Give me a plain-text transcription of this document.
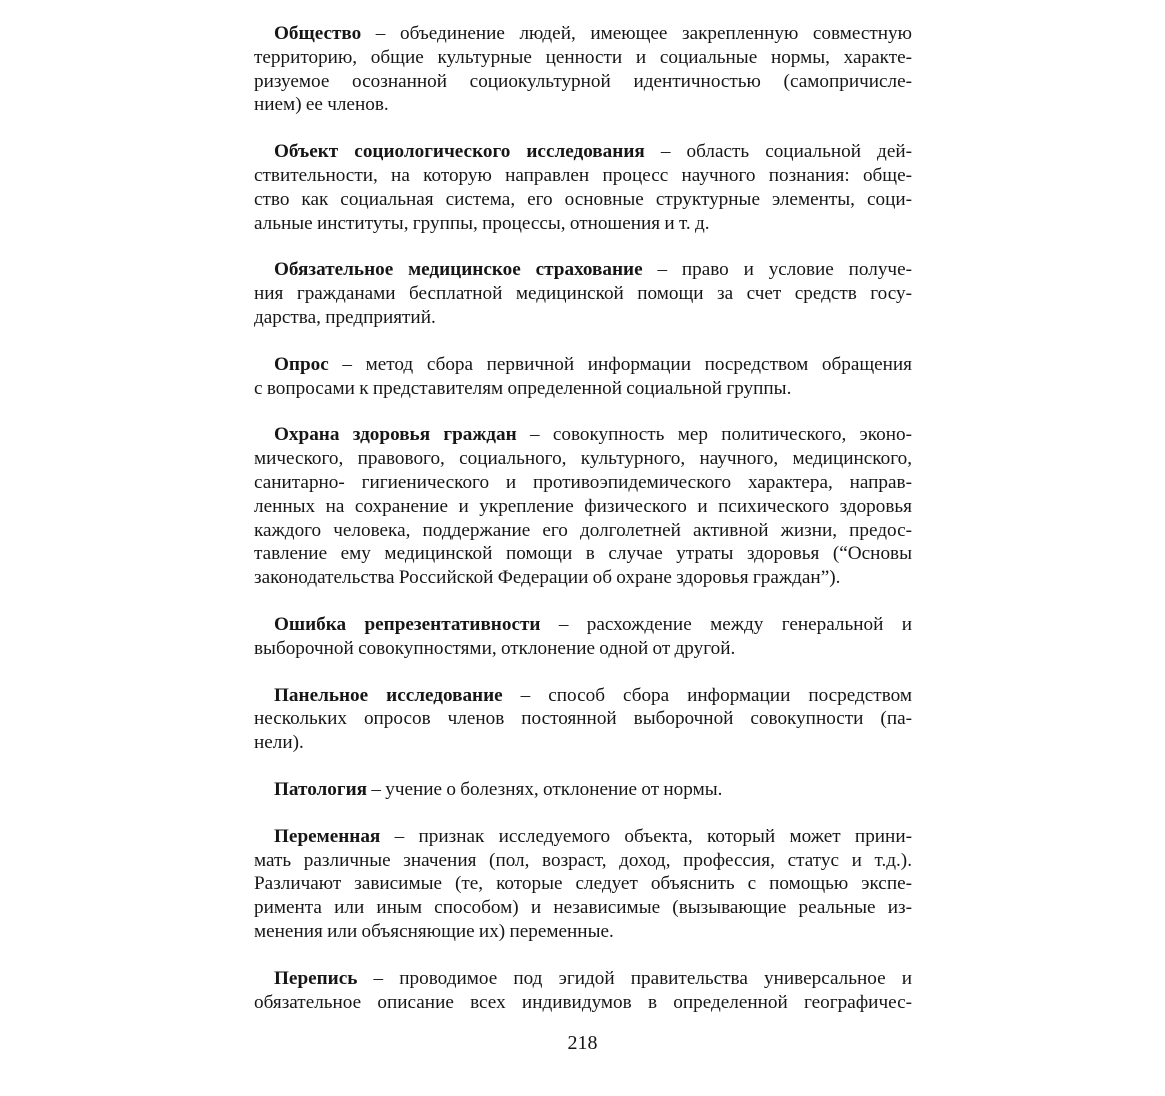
Общество – объединение людей, имеющее закрепленную совместную
территорию, общие культурные ценности и социальные нормы, характе-
ризуемое осознанной социокультурной идентичностью (самопричисле-
нием) ее членов.
Объект социологического исследования – область социальной дей-
ствительности, на которую направлен процесс научного познания: обще-
ство как социальная система, его основные структурные элементы, соци-
альные институты, группы, процессы, отношения и т. д.
Обязательное медицинское страхование – право и условие получе-
ния гражданами бесплатной медицинской помощи за счет средств госу-
дарства, предприятий.
Опрос – метод сбора первичной информации посредством обращения
с вопросами к представителям определенной социальной группы.
Охрана здоровья граждан – совокупность мер политического, эконо-
мического, правового, социального, культурного, научного, медицинского,
санитарно- гигиенического и противоэпидемического характера, направ-
ленных на сохранение и укрепление физического и психического здоровья
каждого человека, поддержание его долголетней активной жизни, предос-
тавление ему медицинской помощи в случае утраты здоровья (“Основы
законодательства Российской Федерации об охране здоровья граждан”).
Ошибка репрезентативности – расхождение между генеральной и
выборочной совокупностями, отклонение одной от другой.
Панельное исследование – способ сбора информации посредством
нескольких опросов членов постоянной выборочной совокупности (па-
нели).
Патология – учение о болезнях, отклонение от нормы.
Переменная – признак исследуемого объекта, который может прини-
мать различные значения (пол, возраст, доход, профессия, статус и т.д.).
Различают зависимые (те, которые следует объяснить с помощью экспе-
римента или иным способом) и независимые (вызывающие реальные из-
менения или объясняющие их) переменные.
Перепись – проводимое под эгидой правительства универсальное и
обязательное описание всех индивидумов в определенной географичес-
218
